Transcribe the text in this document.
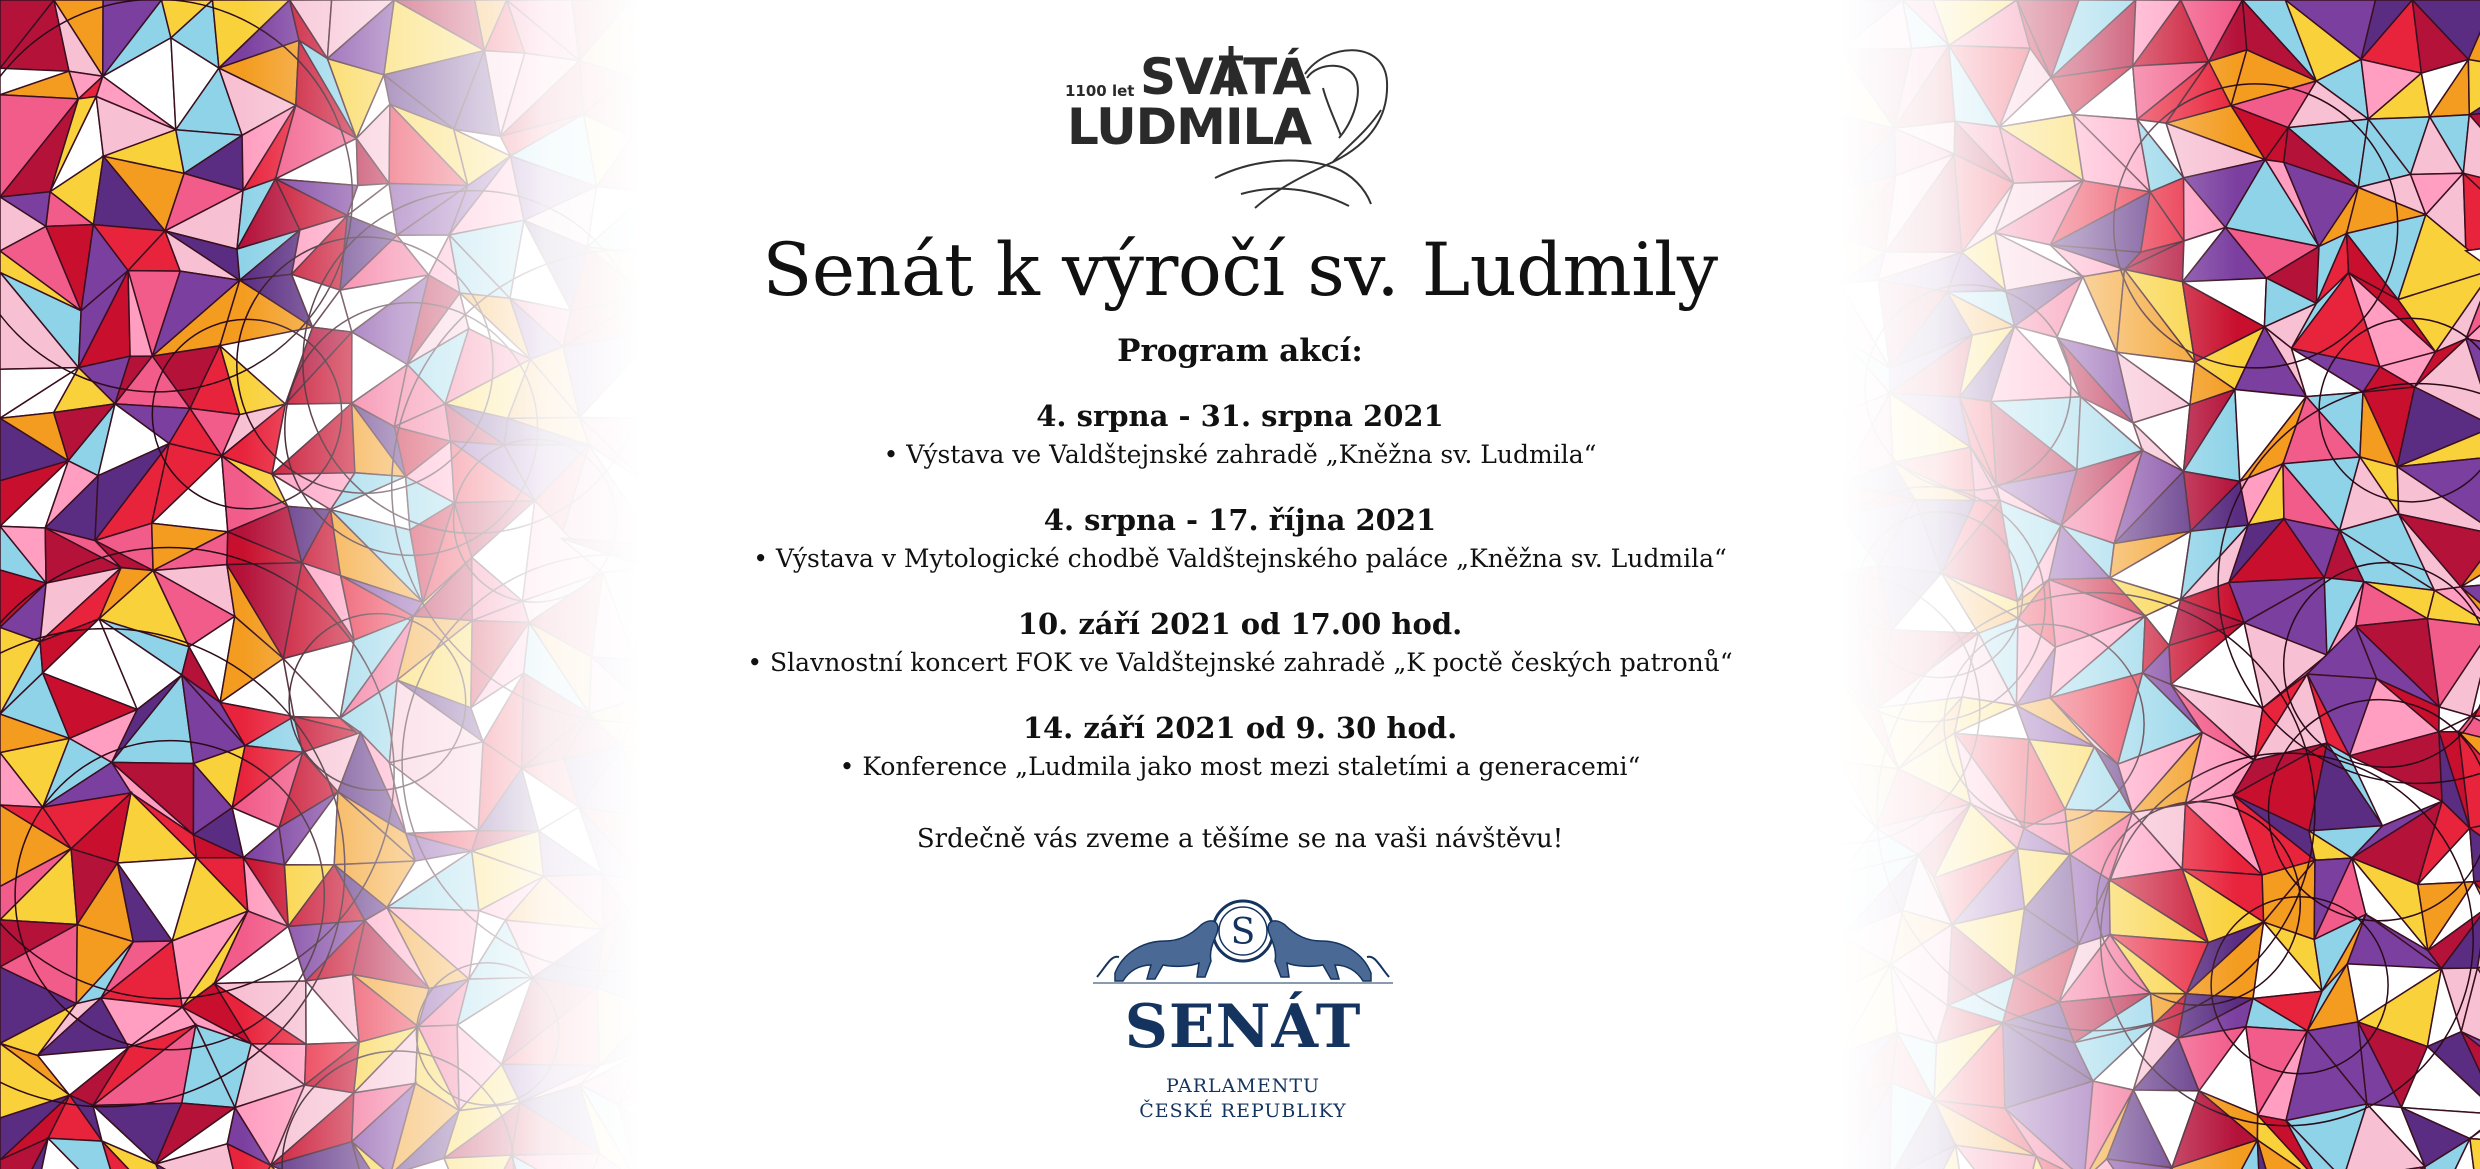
1100 let SVATÁ
LUDMILA
Senát k výročí sv. Ludmily
Program akcí:
4. srpna - 31. srpna 2021
• Výstava ve Valdštejnské zahradě „Kněžna sv. Ludmila“
4. srpna - 17. října 2021
• Výstava v Mytologické chodbě Valdštejnského paláce „Kněžna sv. Ludmila“
10. září 2021 od 17.00 hod.
• Slavnostní koncert FOK ve Valdštejnské zahradě „K poctě českých patronů“
14. září 2021 od 9. 30 hod.
• Konference „Ludmila jako most mezi staletími a generacemi“
Srdečně vás zveme a těšíme se na vaši návštěvu!
S
SENÁT
PARLAMENTU
ČESKÉ REPUBLIKY
